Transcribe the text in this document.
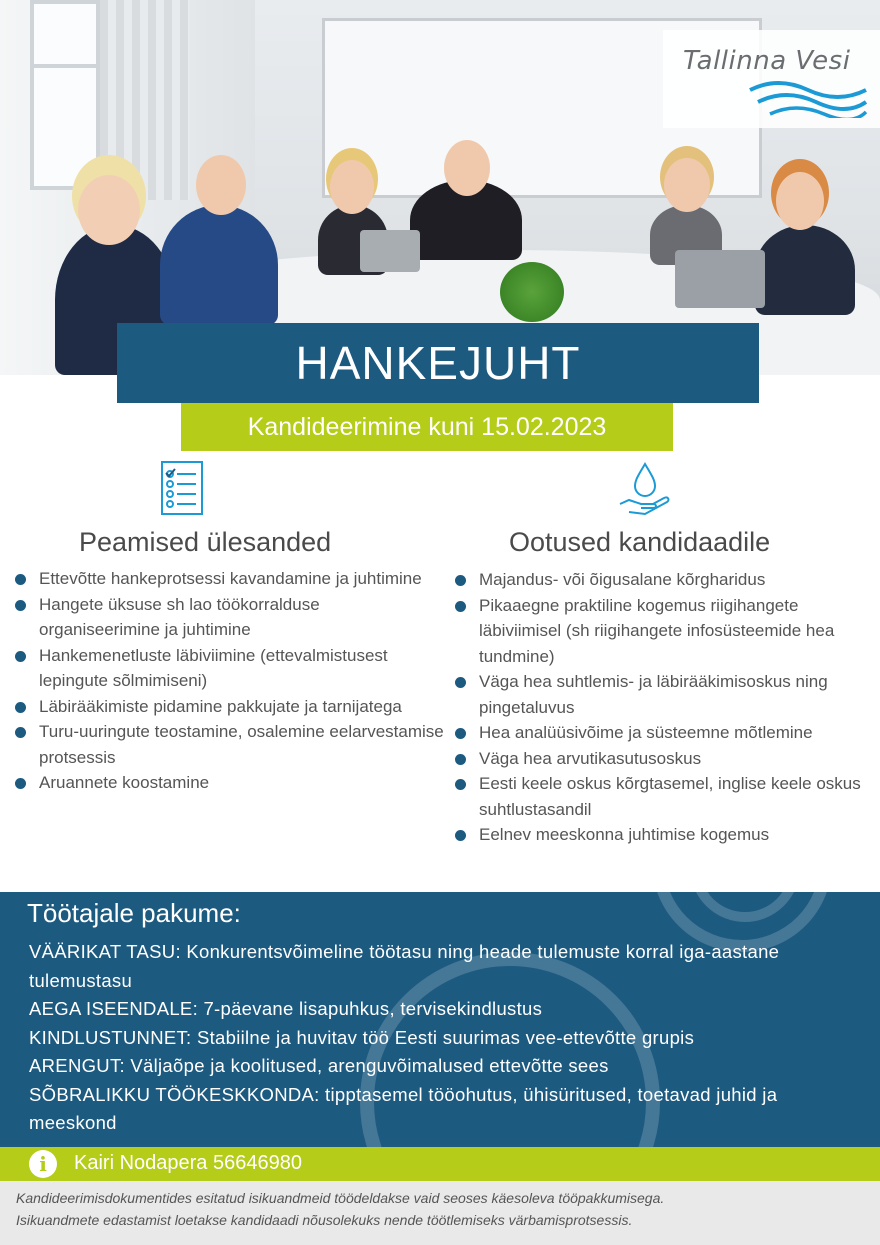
Tallinna Vesi
HANKEJUHT
Kandideerimine kuni 15.02.2023
Peamised ülesanded
Ettevõtte hankeprotsessi kavandamine ja juhtimine
Hangete üksuse sh lao töökorralduse organiseerimine ja juhtimine
Hankemenetluste läbiviimine (ettevalmistusest lepingute sõlmimiseni)
Läbirääkimiste pidamine pakkujate ja tarnijatega
Turu-uuringute teostamine, osalemine eelarvestamise protsessis
Aruannete koostamine
Ootused kandidaadile
Majandus- või õigusalane kõrgharidus
Pikaaegne praktiline kogemus riigihangete läbiviimisel (sh riigihangete infosüsteemide hea tundmine)
Väga hea suhtlemis- ja läbirääkimisoskus ning pingetaluvus
Hea analüüsivõime ja süsteemne mõtlemine
Väga hea arvutikasutusoskus
Eesti keele oskus kõrgtasemel, inglise keele oskus suhtlustasandil
Eelnev meeskonna juhtimise kogemus
Töötajale pakume:
VÄÄRIKAT TASU: Konkurentsvõimeline töötasu ning heade tulemuste korral iga-aastane tulemustasu
AEGA ISEENDALE: 7-päevane lisapuhkus, tervisekindlustus
KINDLUSTUNNET: Stabiilne ja huvitav töö Eesti suurimas vee-ettevõtte grupis
ARENGUT: Väljaõpe ja koolitused, arenguvõimalused ettevõtte sees
SÕBRALIKKU TÖÖKESKKONDA: tipptasemel tööohutus, ühisüritused, toetavad juhid ja meeskond
i	Kairi Nodapera 56646980

Kandideerimisdokumentides esitatud isikuandmeid töödeldakse vaid seoses käesoleva tööpakkumisega.

Isikuandmete edastamist loetakse kandidaadi nõusolekuks nende töötlemiseks värbamisprotsessis.
